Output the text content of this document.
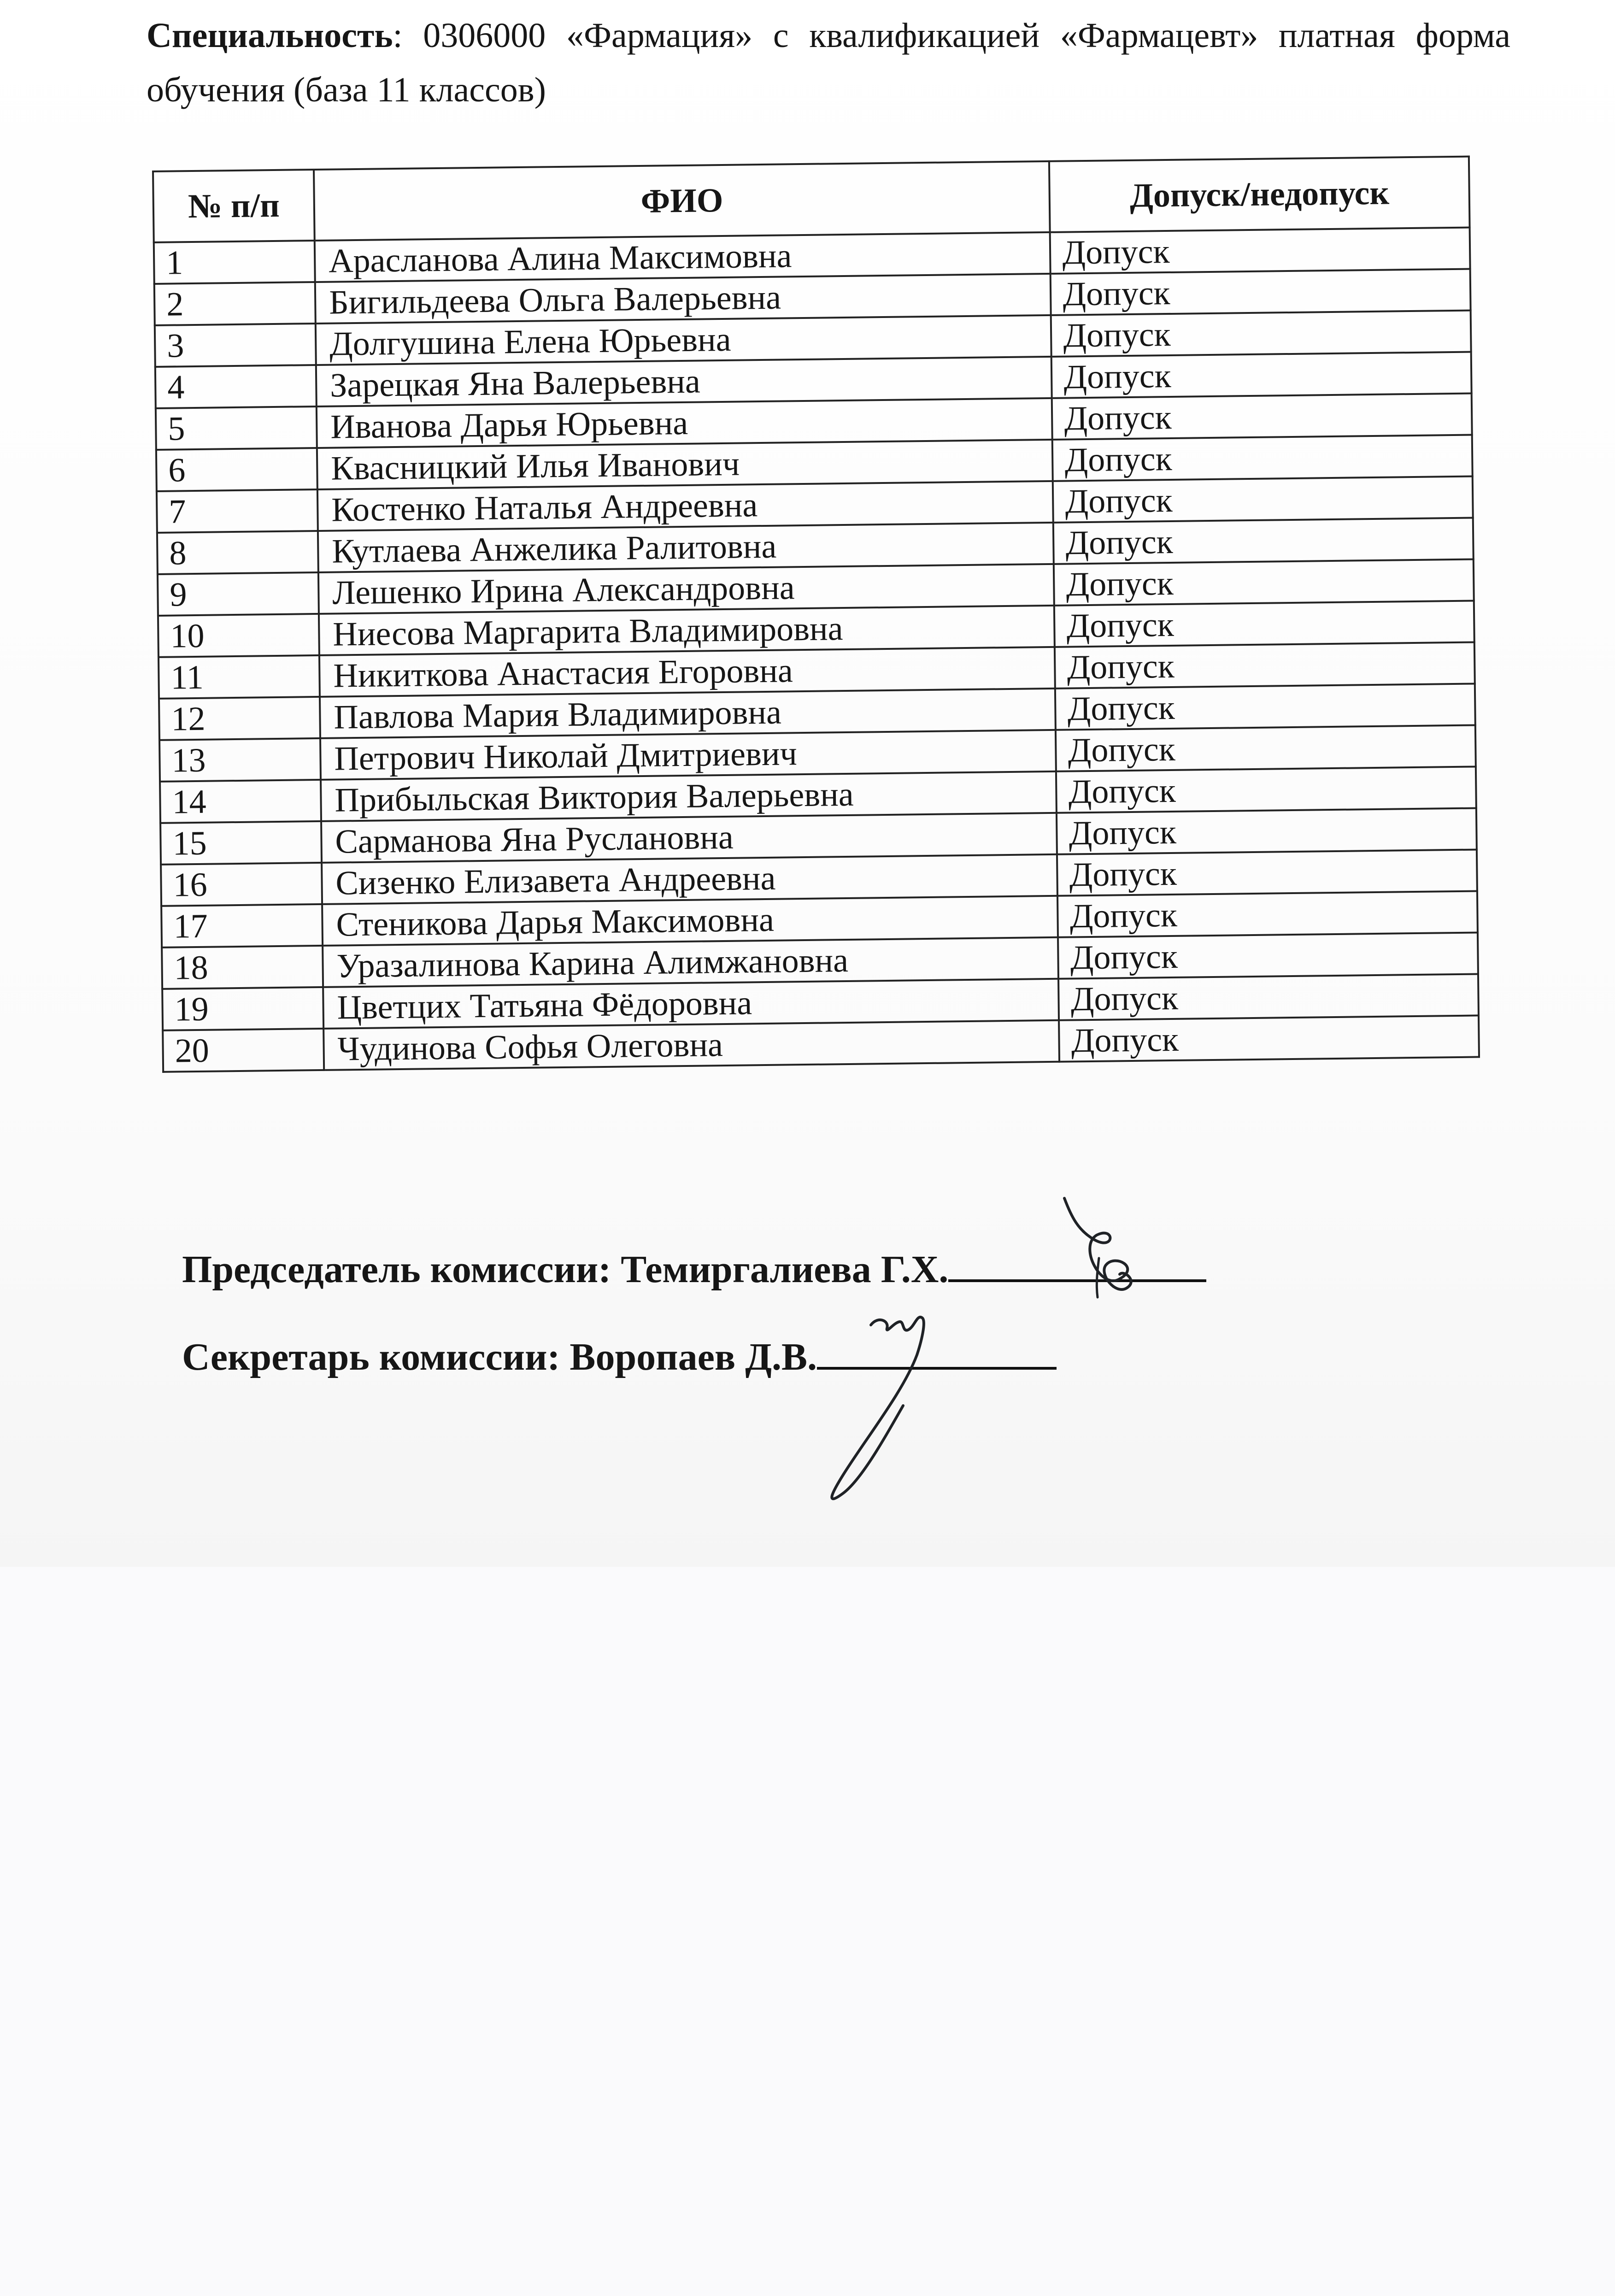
Специальность: 0306000 «Фармация» с квалификацией «Фармацевт» платная форма обучения (база 11 классов)
№ п/п	ФИО	Допуск/недопуск
1	Арасланова Алина Максимовна	Допуск
2	Бигильдеева Ольга Валерьевна	Допуск
3	Долгушина Елена Юрьевна	Допуск
4	Зарецкая Яна Валерьевна	Допуск
5	Иванова Дарья Юрьевна	Допуск
6	Квасницкий Илья Иванович	Допуск
7	Костенко Наталья Андреевна	Допуск
8	Кутлаева Анжелика Ралитовна	Допуск
9	Лешенко Ирина Александровна	Допуск
10	Ниесова Маргарита Владимировна	Допуск
11	Никиткова Анастасия Егоровна	Допуск
12	Павлова Мария Владимировна	Допуск
13	Петрович Николай Дмитриевич	Допуск
14	Прибыльская Виктория Валерьевна	Допуск
15	Сарманова Яна Руслановна	Допуск
16	Сизенко Елизавета Андреевна	Допуск
17	Стеникова Дарья Максимовна	Допуск
18	Уразалинова Карина Алимжановна	Допуск
19	Цветцих Татьяна Фёдоровна	Допуск
20	Чудинова Софья Олеговна	Допуск
Председатель комиссии: Темиргалиева Г.Х.
Секретарь комиссии: Воропаев Д.В.
